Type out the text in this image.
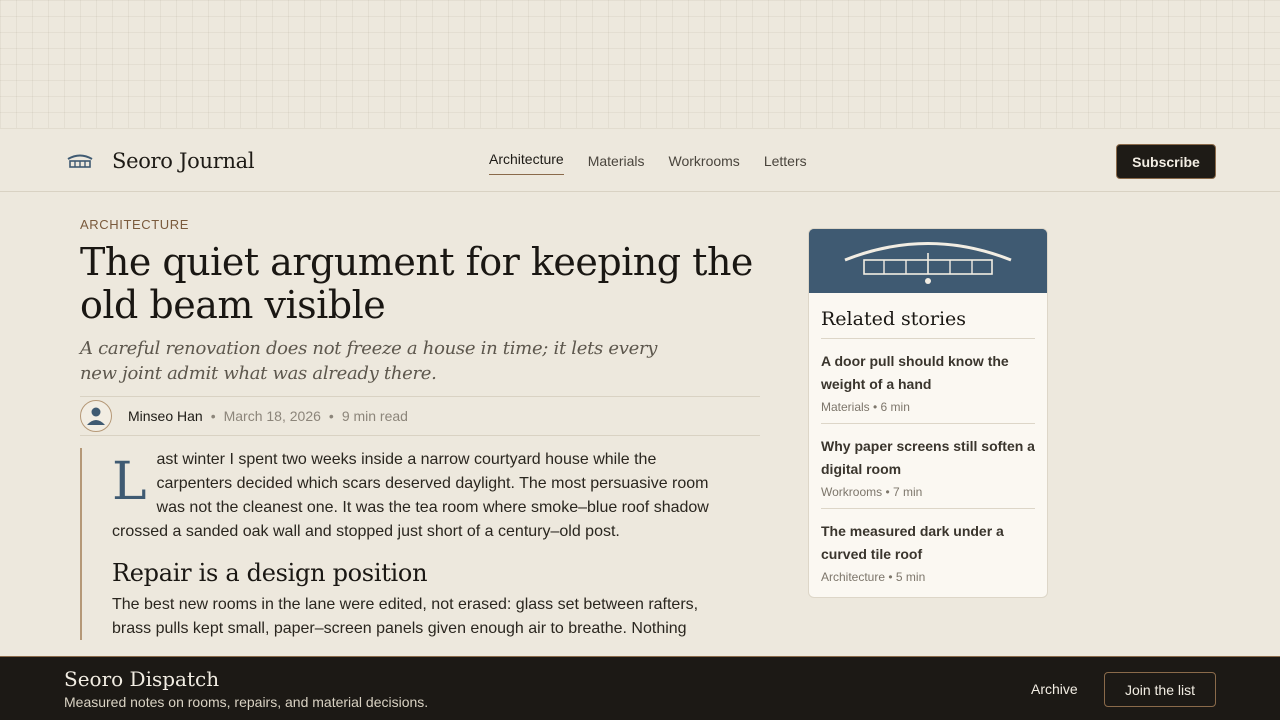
Seoro Journal	Architecture Materials Workrooms Letters	Subscribe
ARCHITECTURE
The quiet argument for keeping the old beam visible

A careful renovation does not freeze a house in time; it lets every new joint admit what was already there.

Minseo Han • March 18, 2026 • 9 min read
L ast winter I spent two weeks inside a narrow courtyard house while the carpenters decided which scars deserved daylight. The most persuasive room was not the cleanest one. It was the tea room where smoke–blue roof shadow crossed a sanded oak wall and stopped just short of a century–old post.

Repair is a design position

The best new rooms in the lane were edited, not erased: glass set between rafters, brass pulls kept small, paper–screen panels given enough air to breathe. Nothing

Related stories
A door pull should know the weight of a hand
Materials • 6 min
Why paper screens still soften a digital room
Workrooms • 7 min
The measured dark under a curved tile roof
Architecture • 5 min
Seoro Dispatch
Measured notes on rooms, repairs, and material decisions.
Archive	Join the list
